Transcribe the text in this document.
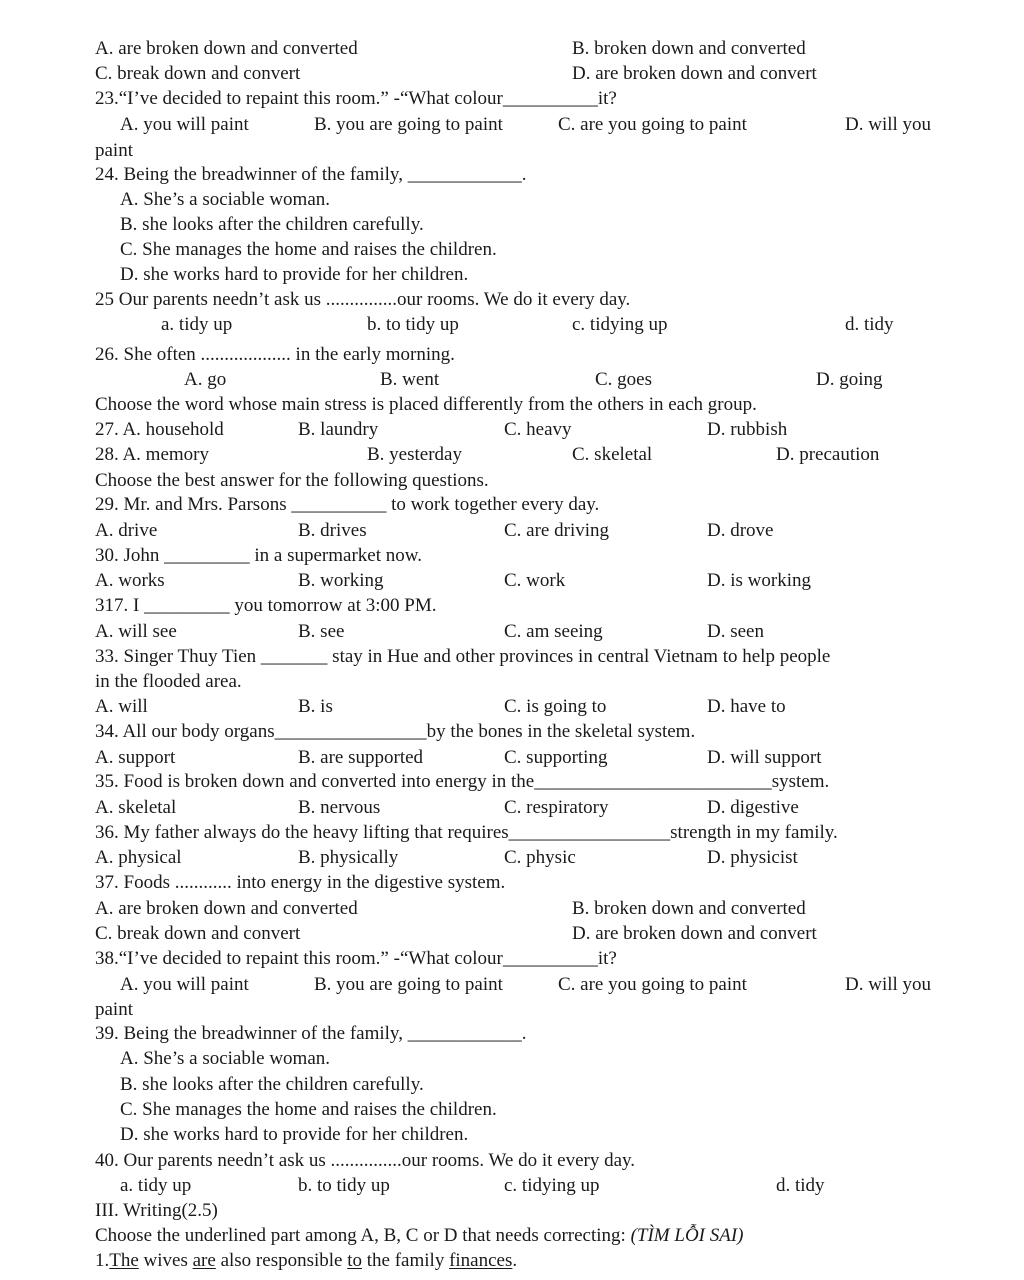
A. are broken down and converted	B. broken down and converted
C. break down and convert	D. are broken down and convert
23.“I’ve decided to repaint this room.” -“What colour__________it?
A. you will paint	B. you are going to paint	C. are you going to paint	D. will you
paint
24. Being the breadwinner of the family, ____________.
A. She’s a sociable woman.
B. she looks after the children carefully.
C. She manages the home and raises the children.
D. she works hard to provide for her children.
25 Our parents needn’t ask us ...............our rooms. We do it every day.
a. tidy up	b. to tidy up	c. tidying up	d. tidy
26. She often ................... in the early morning.
A. go	B. went	C. goes	D. going
Choose the word whose main stress is placed differently from the others in each group.
27. A. household	B. laundry	C. heavy	D. rubbish
28. A. memory	B. yesterday	C. skeletal	D. precaution
Choose the best answer for the following questions.
29. Mr. and Mrs. Parsons __________ to work together every day.
A. drive	B. drives	C. are driving	D. drove
30. John _________ in a supermarket now.
A. works	B. working	C. work	D. is working
317. I _________ you tomorrow at 3:00 PM.
A. will see	B. see	C. am seeing	D. seen
33. Singer Thuy Tien _______ stay in Hue and other provinces in central Vietnam to help people
in the flooded area.
A. will	B. is	C. is going to	D. have to
34. All our body organs________________by the bones in the skeletal system.
A. support	B. are supported	C. supporting	D. will support
35. Food is broken down and converted into energy in the_________________________system.
A. skeletal	B. nervous	C. respiratory	D. digestive
36. My father always do the heavy lifting that requires_________________strength in my family.
A. physical	B. physically	C. physic	D. physicist
37. Foods ............ into energy in the digestive system.
A. are broken down and converted	B. broken down and converted
C. break down and convert	D. are broken down and convert
38.“I’ve decided to repaint this room.” -“What colour__________it?
A. you will paint	B. you are going to paint	C. are you going to paint	D. will you
paint
39. Being the breadwinner of the family, ____________.
A. She’s a sociable woman.
B. she looks after the children carefully.
C. She manages the home and raises the children.
D. she works hard to provide for her children.
40. Our parents needn’t ask us ...............our rooms. We do it every day.
a. tidy up	b. to tidy up	c. tidying up	d. tidy
III. Writing(2.5)
Choose the underlined part among A, B, C or D that needs correcting: (TÌM LỖI SAI)
1.The wives are also responsible to the family finances.
